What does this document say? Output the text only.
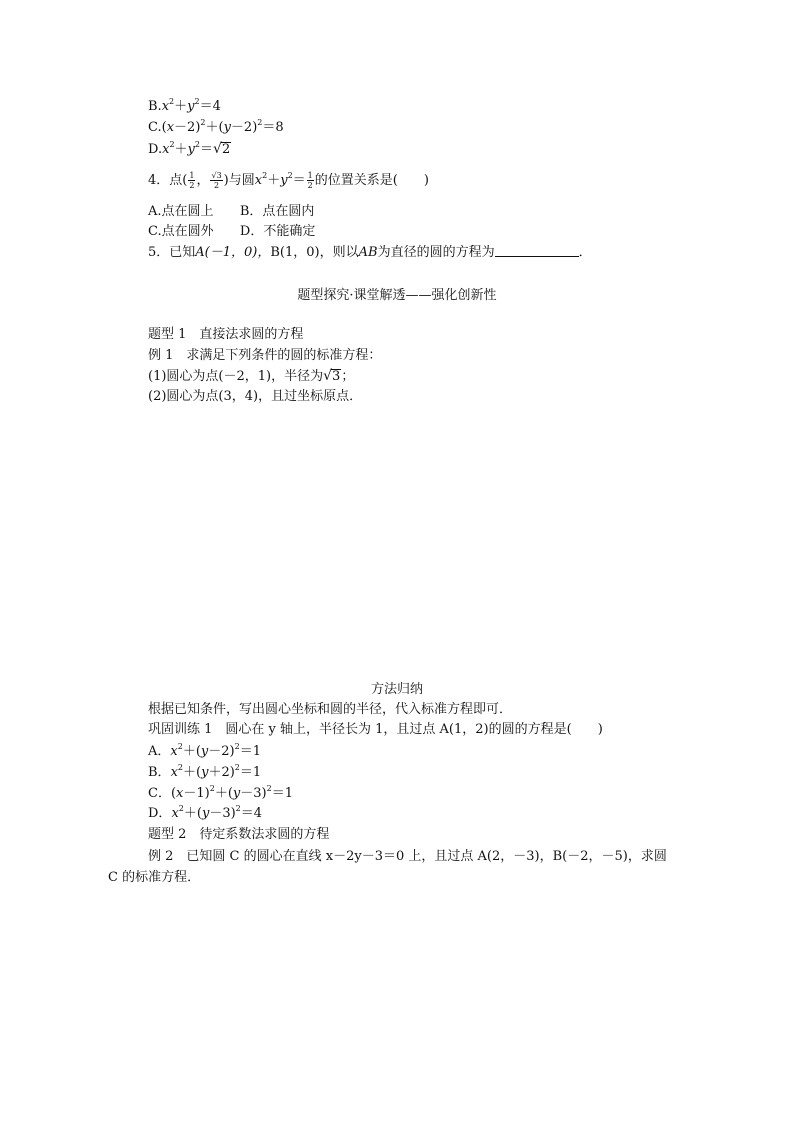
$B.x^2+y^2=4$
$C.(x-2)^2+(y-2)^2=8$
$D.x^2+y^2=√2$
4．点( $\frac{1}{2}$ ， $\frac{√3}{2}$ )与圆$x^2+y^2= \frac{1}{2}$ 的位置关系是(　　)
A.点在圆上 B．点在圆内
C.点在圆外 D．不能确定
5．已知A(－1，0)，B(1，0)，则以AB为直径的圆的方程为	．
题型探究·课堂解透——强化创新性
题型 1　直接法求圆的方程
例 1　求满足下列条件的圆的标准方程：
(1)圆心为点(－2，1)，半径为√3；
(2)圆心为点(3，4)，且过坐标原点．
方法归纳
根据已知条件，写出圆心坐标和圆的半径，代入标准方程即可．
巩固训练 1　圆心在 y 轴上，半径长为 1，且过点 A(1，2)的圆的方程是(　　)
A．$x^2+(y-2)^2=1$
B．$x^2+(y+2)^2=1$
C．$(x-1)^2+(y-3)^2=1$
D．$x^2+(y-3)^2=4$
题型 2　待定系数法求圆的方程
例 2　已知圆 C 的圆心在直线 x－2y－3＝0 上，且过点 A(2，－3)，B(－2，－5)，求圆
C 的标准方程．
